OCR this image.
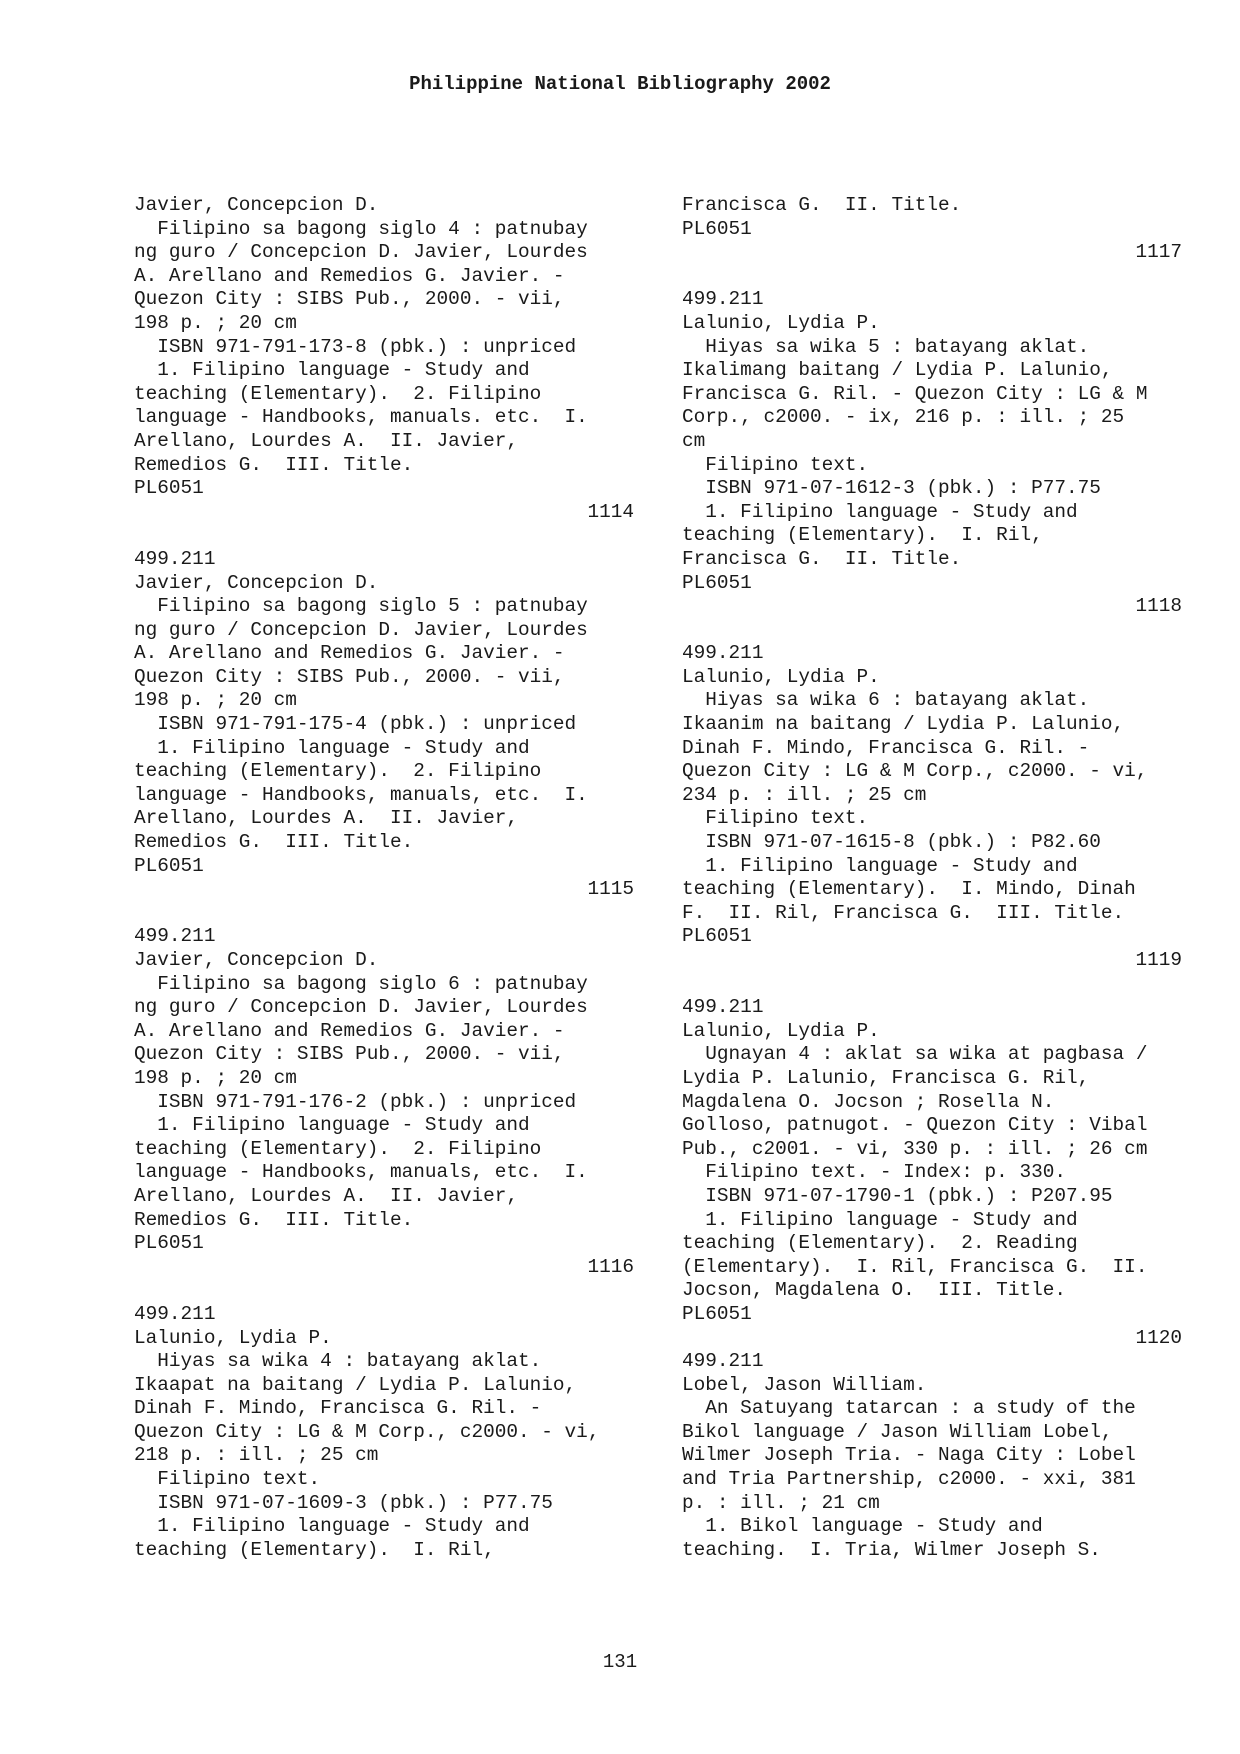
Philippine National Bibliography 2002
Javier, Concepcion D.
Filipino sa bagong siglo 4 : patnubay
ng guro / Concepcion D. Javier, Lourdes
A. Arellano and Remedios G. Javier. -
Quezon City : SIBS Pub., 2000. - vii,
198 p. ; 20 cm
ISBN 971-791-173-8 (pbk.) : unpriced
1. Filipino language - Study and
teaching (Elementary).  2. Filipino
language - Handbooks, manuals. etc.  I.
Arellano, Lourdes A.  II. Javier,
Remedios G.  III. Title.
PL6051
1114
499.211
Javier, Concepcion D.
Filipino sa bagong siglo 5 : patnubay
ng guro / Concepcion D. Javier, Lourdes
A. Arellano and Remedios G. Javier. -
Quezon City : SIBS Pub., 2000. - vii,
198 p. ; 20 cm
ISBN 971-791-175-4 (pbk.) : unpriced
1. Filipino language - Study and
teaching (Elementary).  2. Filipino
language - Handbooks, manuals, etc.  I.
Arellano, Lourdes A.  II. Javier,
Remedios G.  III. Title.
PL6051
1115
499.211
Javier, Concepcion D.
Filipino sa bagong siglo 6 : patnubay
ng guro / Concepcion D. Javier, Lourdes
A. Arellano and Remedios G. Javier. -
Quezon City : SIBS Pub., 2000. - vii,
198 p. ; 20 cm
ISBN 971-791-176-2 (pbk.) : unpriced
1. Filipino language - Study and
teaching (Elementary).  2. Filipino
language - Handbooks, manuals, etc.  I.
Arellano, Lourdes A.  II. Javier,
Remedios G.  III. Title.
PL6051
1116
499.211
Lalunio, Lydia P.
Hiyas sa wika 4 : batayang aklat.
Ikaapat na baitang / Lydia P. Lalunio,
Dinah F. Mindo, Francisca G. Ril. -
Quezon City : LG & M Corp., c2000. - vi,
218 p. : ill. ; 25 cm
Filipino text.
ISBN 971-07-1609-3 (pbk.) : P77.75
1. Filipino language - Study and
teaching (Elementary).  I. Ril,
Francisca G.  II. Title.
PL6051
1117
499.211
Lalunio, Lydia P.
Hiyas sa wika 5 : batayang aklat.
Ikalimang baitang / Lydia P. Lalunio,
Francisca G. Ril. - Quezon City : LG & M
Corp., c2000. - ix, 216 p. : ill. ; 25
cm
Filipino text.
ISBN 971-07-1612-3 (pbk.) : P77.75
1. Filipino language - Study and
teaching (Elementary).  I. Ril,
Francisca G.  II. Title.
PL6051
1118
499.211
Lalunio, Lydia P.
Hiyas sa wika 6 : batayang aklat.
Ikaanim na baitang / Lydia P. Lalunio,
Dinah F. Mindo, Francisca G. Ril. -
Quezon City : LG & M Corp., c2000. - vi,
234 p. : ill. ; 25 cm
Filipino text.
ISBN 971-07-1615-8 (pbk.) : P82.60
1. Filipino language - Study and
teaching (Elementary).  I. Mindo, Dinah
F.  II. Ril, Francisca G.  III. Title.
PL6051
1119
499.211
Lalunio, Lydia P.
Ugnayan 4 : aklat sa wika at pagbasa /
Lydia P. Lalunio, Francisca G. Ril,
Magdalena O. Jocson ; Rosella N.
Golloso, patnugot. - Quezon City : Vibal
Pub., c2001. - vi, 330 p. : ill. ; 26 cm
Filipino text. - Index: p. 330.
ISBN 971-07-1790-1 (pbk.) : P207.95
1. Filipino language - Study and
teaching (Elementary).  2. Reading
(Elementary).  I. Ril, Francisca G.  II.
Jocson, Magdalena O.  III. Title.
PL6051
1120
499.211
Lobel, Jason William.
An Satuyang tatarcan : a study of the
Bikol language / Jason William Lobel,
Wilmer Joseph Tria. - Naga City : Lobel
and Tria Partnership, c2000. - xxi, 381
p. : ill. ; 21 cm
1. Bikol language - Study and
teaching.  I. Tria, Wilmer Joseph S.
131
